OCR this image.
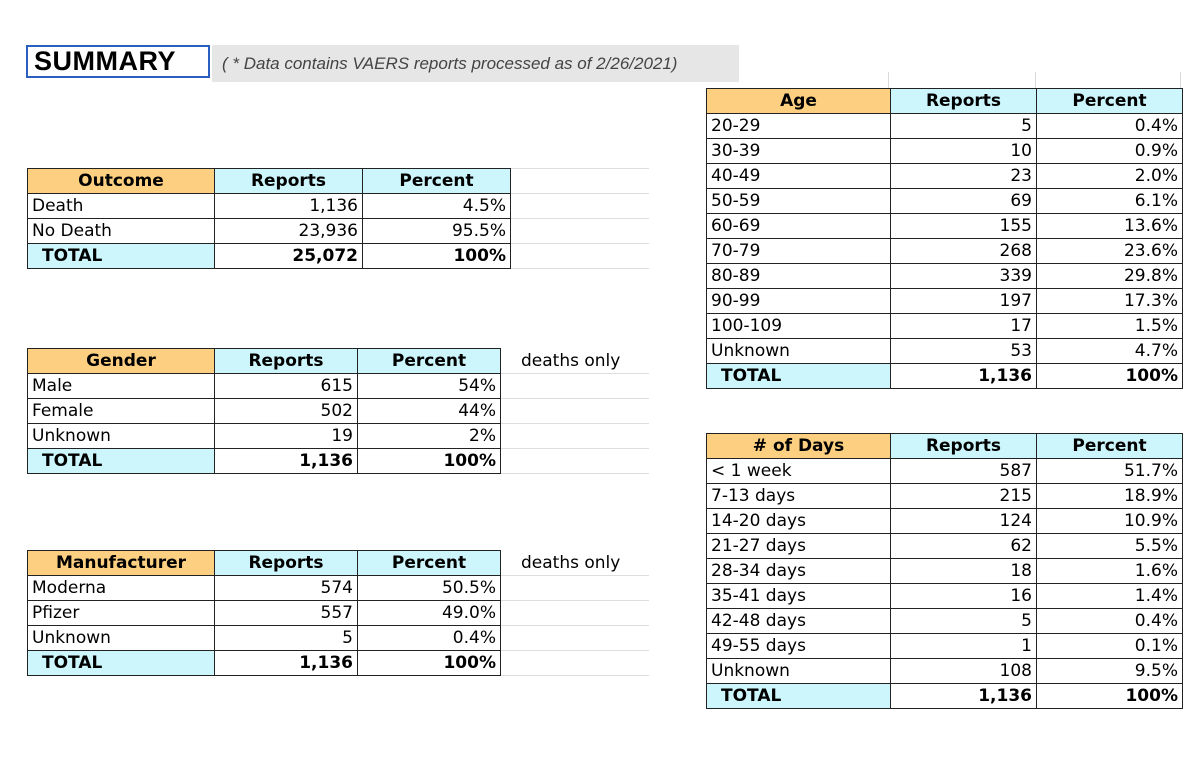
SUMMARY	( * Data contains VAERS reports processed as of 2/26/2021)
Outcome	Reports	Percent	
Death	1,136	4.5%	
No Death	23,936	95.5%	
TOTAL	25,072	100%	
Gender	Reports	Percent	deaths only
Male	615	54%	
Female	502	44%	
Unknown	19	2%	
TOTAL	1,136	100%	
Manufacturer	Reports	Percent	deaths only
Moderna	574	50.5%	
Pfizer	557	49.0%	
Unknown	5	0.4%	
TOTAL	1,136	100%	
Age	Reports	Percent
20-29	5	0.4%
30-39	10	0.9%
40-49	23	2.0%
50-59	69	6.1%
60-69	155	13.6%
70-79	268	23.6%
80-89	339	29.8%
90-99	197	17.3%
100-109	17	1.5%
Unknown	53	4.7%
TOTAL	1,136	100%
# of Days	Reports	Percent
< 1 week	587	51.7%
7-13 days	215	18.9%
14-20 days	124	10.9%
21-27 days	62	5.5%
28-34 days	18	1.6%
35-41 days	16	1.4%
42-48 days	5	0.4%
49-55 days	1	0.1%
Unknown	108	9.5%
TOTAL	1,136	100%
